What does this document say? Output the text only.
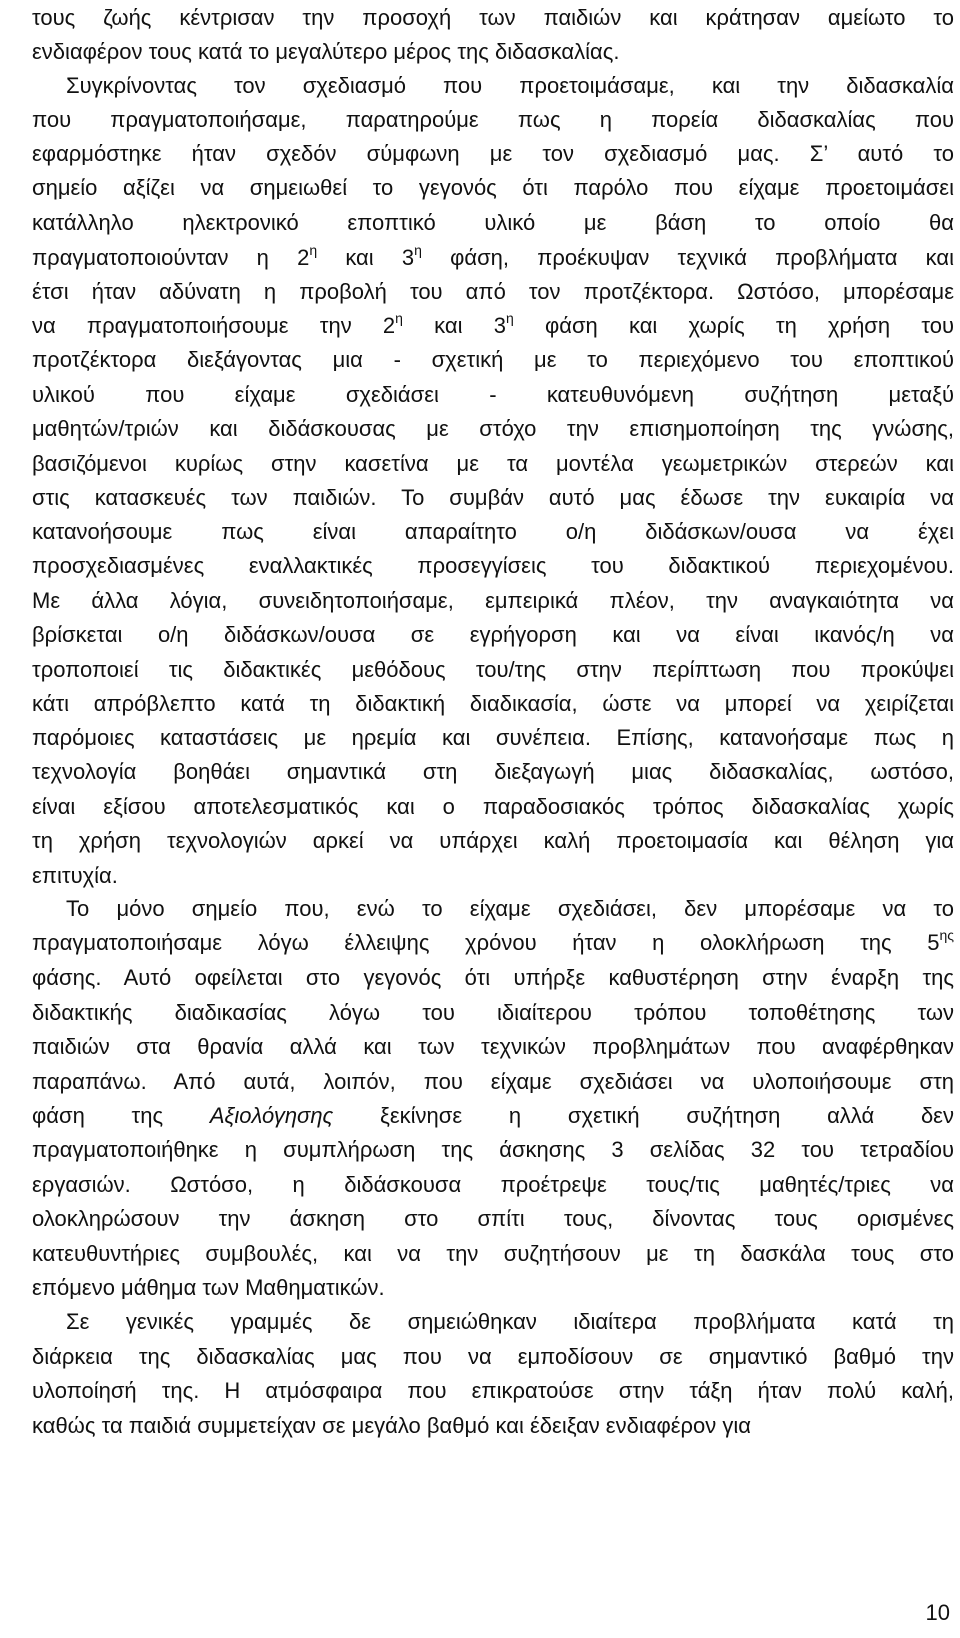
τους ζωής κέντρισαν την προσοχή των παιδιών και κράτησαν αμείωτο το
ενδιαφέρον τους κατά το μεγαλύτερο μέρος της διδασκαλίας.
Συγκρίνοντας τον σχεδιασμό που προετοιμάσαμε, και την διδασκαλία
που πραγματοποιήσαμε, παρατηρούμε πως η πορεία διδασκαλίας που
εφαρμόστηκε ήταν σχεδόν σύμφωνη με τον σχεδιασμό μας. Σ’ αυτό το
σημείο αξίζει να σημειωθεί το γεγονός ότι παρόλο που είχαμε προετοιμάσει
κατάλληλο ηλεκτρονικό εποπτικό υλικό με βάση το οποίο θα
πραγματοποιούνταν η $2^\eta$ και $3^\eta$ φάση, προέκυψαν τεχνικά προβλήματα και
έτσι ήταν αδύνατη η προβολή του από τον προτζέκτορα. Ωστόσο, μπορέσαμε
να πραγματοποιήσουμε την $2^\eta$ και $3^\eta$ φάση και χωρίς τη χρήση του
προτζέκτορα διεξάγοντας μια - σχετική με το περιεχόμενο του εποπτικού
υλικού που είχαμε σχεδιάσει - κατευθυνόμενη συζήτηση μεταξύ
μαθητών/τριών και διδάσκουσας με στόχο την επισημοποίηση της γνώσης,
βασιζόμενοι κυρίως στην κασετίνα με τα μοντέλα γεωμετρικών στερεών και
στις κατασκευές των παιδιών. Το συμβάν αυτό μας έδωσε την ευκαιρία να
κατανοήσουμε πως είναι απαραίτητο ο/η διδάσκων/ουσα να έχει
προσχεδιασμένες εναλλακτικές προσεγγίσεις του διδακτικού περιεχομένου.
Με άλλα λόγια, συνειδητοποιήσαμε, εμπειρικά πλέον, την αναγκαιότητα να
βρίσκεται ο/η διδάσκων/ουσα σε εγρήγορση και να είναι ικανός/η να
τροποποιεί τις διδακτικές μεθόδους του/της στην περίπτωση που προκύψει
κάτι απρόβλεπτο κατά τη διδακτική διαδικασία, ώστε να μπορεί να χειρίζεται
παρόμοιες καταστάσεις με ηρεμία και συνέπεια. Επίσης, κατανοήσαμε πως η
τεχνολογία βοηθάει σημαντικά στη διεξαγωγή μιας διδασκαλίας, ωστόσο,
είναι εξίσου αποτελεσματικός και ο παραδοσιακός τρόπος διδασκαλίας χωρίς
τη χρήση τεχνολογιών αρκεί να υπάρχει καλή προετοιμασία και θέληση για
επιτυχία.
Το μόνο σημείο που, ενώ το είχαμε σχεδιάσει, δεν μπορέσαμε να το
πραγματοποιήσαμε λόγω έλλειψης χρόνου ήταν η ολοκλήρωση της $5^{\eta\varsigma}$
φάσης. Αυτό οφείλεται στο γεγονός ότι υπήρξε καθυστέρηση στην έναρξη της
διδακτικής διαδικασίας λόγω του ιδιαίτερου τρόπου τοποθέτησης των
παιδιών στα θρανία αλλά και των τεχνικών προβλημάτων που αναφέρθηκαν
παραπάνω. Από αυτά, λοιπόν, που είχαμε σχεδιάσει να υλοποιήσουμε στη
φάση της Αξιολόγησης ξεκίνησε η σχετική συζήτηση αλλά δεν
πραγματοποιήθηκε η συμπλήρωση της άσκησης 3 σελίδας 32 του τετραδίου
εργασιών. Ωστόσο, η διδάσκουσα προέτρεψε τους/τις μαθητές/τριες να
ολοκληρώσουν την άσκηση στο σπίτι τους, δίνοντας τους ορισμένες
κατευθυντήριες συμβουλές, και να την συζητήσουν με τη δασκάλα τους στο
επόμενο μάθημα των Μαθηματικών.
Σε γενικές γραμμές δε σημειώθηκαν ιδιαίτερα προβλήματα κατά τη
διάρκεια της διδασκαλίας μας που να εμποδίσουν σε σημαντικό βαθμό την
υλοποίησή της. Η ατμόσφαιρα που επικρατούσε στην τάξη ήταν πολύ καλή,
καθώς τα παιδιά συμμετείχαν σε μεγάλο βαθμό και έδειξαν ενδιαφέρον για
10
